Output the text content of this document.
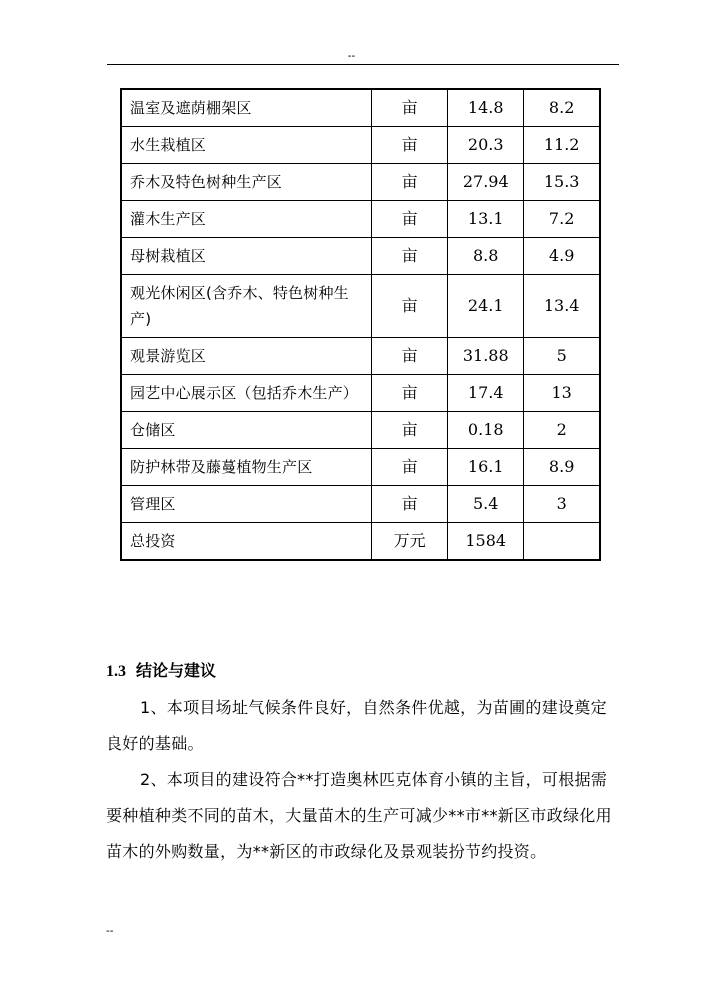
--
温室及遮荫棚架区	亩	14.8	8.2
水生栽植区	亩	20.3	11.2
乔木及特色树种生产区	亩	27.94	15.3
灌木生产区	亩	13.1	7.2
母树栽植区	亩	8.8	4.9
观光休闲区(含乔木、特色树种生产)	亩	24.1	13.4
观景游览区	亩	31.88	5
园艺中心展示区（包括乔木生产）	亩	17.4	13
仓储区	亩	0.18	2
防护林带及藤蔓植物生产区	亩	16.1	8.9
管理区	亩	5.4	3
总投资	万元	1584	
1.3 结论与建议
1、本项目场址气候条件良好，自然条件优越，为苗圃的建设奠定良好的基础。
2、本项目的建设符合**打造奥林匹克体育小镇的主旨，可根据需要种植种类不同的苗木，大量苗木的生产可减少**市**新区市政绿化用苗木的外购数量，为**新区的市政绿化及景观装扮节约投资。
--
